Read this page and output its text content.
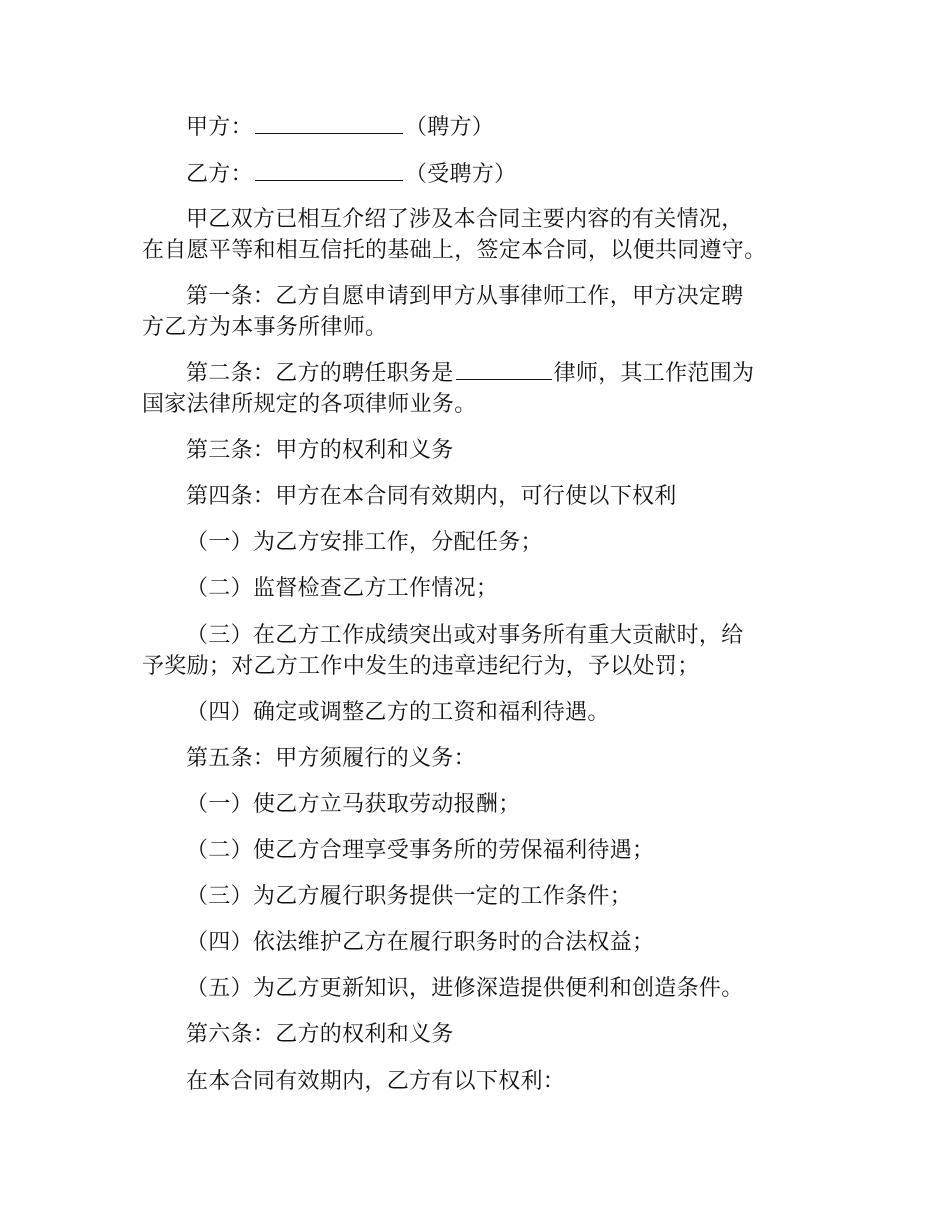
甲方：	（聘方）
乙方：	（受聘方）
甲乙双方已相互介绍了涉及本合同主要内容的有关情况，
在自愿平等和相互信托的基础上，签定本合同，以便共同遵守。
第一条：乙方自愿申请到甲方从事律师工作，甲方决定聘
方乙方为本事务所律师。
第二条：乙方的聘任职务是	律师，其工作范围为
国家法律所规定的各项律师业务。
第三条：甲方的权利和义务
第四条：甲方在本合同有效期内，可行使以下权利
（一）为乙方安排工作，分配任务；
（二）监督检查乙方工作情况；
（三）在乙方工作成绩突出或对事务所有重大贡献时，给
予奖励；对乙方工作中发生的违章违纪行为，予以处罚；
（四）确定或调整乙方的工资和福利待遇。
第五条：甲方须履行的义务：
（一）使乙方立马获取劳动报酬；
（二）使乙方合理享受事务所的劳保福利待遇；
（三）为乙方履行职务提供一定的工作条件；
（四）依法维护乙方在履行职务时的合法权益；
（五）为乙方更新知识，进修深造提供便利和创造条件。
第六条：乙方的权利和义务
在本合同有效期内，乙方有以下权利：
